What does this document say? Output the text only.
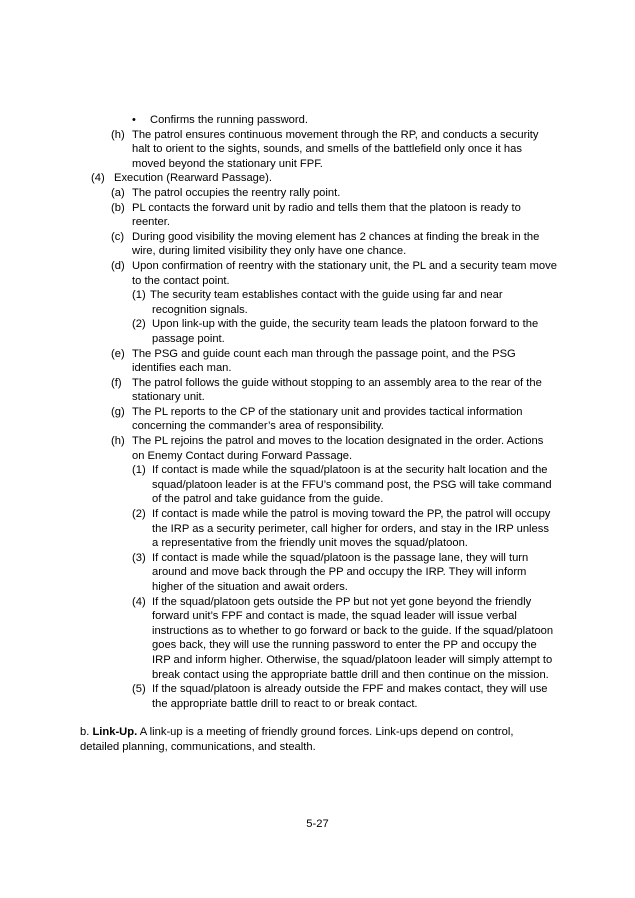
• Confirms the running password.
(h) The patrol ensures continuous movement through the RP, and conducts a security halt to orient to the sights, sounds, and smells of the battlefield only once it has moved beyond the stationary unit FPF.
(4) Execution (Rearward Passage).
(a) The patrol occupies the reentry rally point.
(b) PL contacts the forward unit by radio and tells them that the platoon is ready to reenter.
(c) During good visibility the moving element has 2 chances at finding the break in the wire, during limited visibility they only have one chance.
(d) Upon confirmation of reentry with the stationary unit, the PL and a security team move to the contact point.
(1) The security team establishes contact with the guide using far and near recognition signals.
(2) Upon link-up with the guide, the security team leads the platoon forward to the passage point.
(e) The PSG and guide count each man through the passage point, and the PSG identifies each man.
(f) The patrol follows the guide without stopping to an assembly area to the rear of the stationary unit.
(g) The PL reports to the CP of the stationary unit and provides tactical information concerning the commander’s area of responsibility.
(h) The PL rejoins the patrol and moves to the location designated in the order. Actions on Enemy Contact during Forward Passage.
(1) If contact is made while the squad/platoon is at the security halt location and the squad/platoon leader is at the FFU’s command post, the PSG will take command of the patrol and take guidance from the guide.
(2) If contact is made while the patrol is moving toward the PP, the patrol will occupy the IRP as a security perimeter, call higher for orders, and stay in the IRP unless a representative from the friendly unit moves the squad/platoon.
(3) If contact is made while the squad/platoon is the passage lane, they will turn around and move back through the PP and occupy the IRP. They will inform higher of the situation and await orders.
(4) If the squad/platoon gets outside the PP but not yet gone beyond the friendly forward unit’s FPF and contact is made, the squad leader will issue verbal instructions as to whether to go forward or back to the guide. If the squad/platoon goes back, they will use the running password to enter the PP and occupy the IRP and inform higher. Otherwise, the squad/platoon leader will simply attempt to break contact using the appropriate battle drill and then continue on the mission.
(5) If the squad/platoon is already outside the FPF and makes contact, they will use the appropriate battle drill to react to or break contact.
b. Link-Up. A link-up is a meeting of friendly ground forces. Link-ups depend on control, detailed planning, communications, and stealth.
5-27
